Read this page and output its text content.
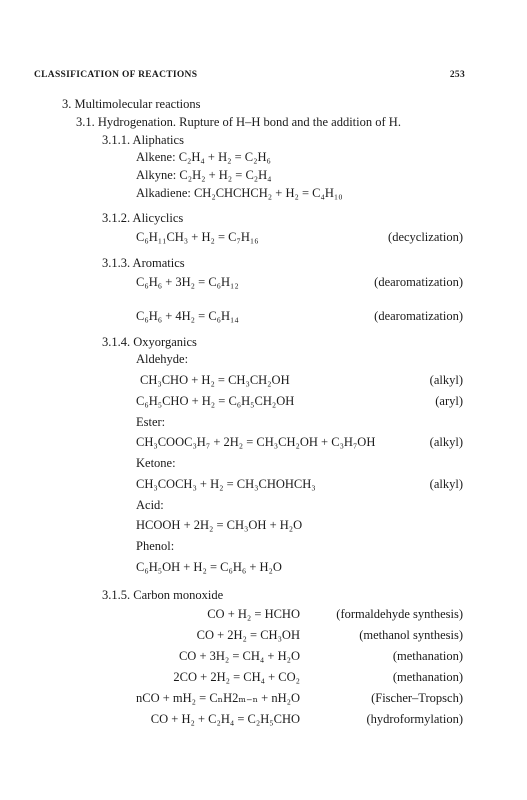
CLASSIFICATION OF REACTIONS	253
3. Multimolecular reactions
3.1. Hydrogenation. Rupture of H–H bond and the addition of H.
3.1.1. Aliphatics
Alkene: C₂H₄ + H₂ = C₂H₆
Alkyne: C₂H₂ + H₂ = C₂H₄
Alkadiene: CH₂CHCHCH₂ + H₂ = C₄H₁₀
3.1.2. Alicyclics
C₆H₁₁CH₃ + H₂ = C₇H₁₆	(decyclization)
3.1.3. Aromatics
C₆H₆ + 3H₂ = C₆H₁₂	(dearomatization)
C₆H₆ + 4H₂ = C₆H₁₄	(dearomatization)
3.1.4. Oxyorganics
Aldehyde:
CH₃CHO + H₂ = CH₃CH₂OH	(alkyl)
C₆H₅CHO + H₂ = C₆H₅CH₂OH	(aryl)
Ester:
CH₃COOC₃H₇ + 2H₂ = CH₃CH₂OH + C₃H₇OH	(alkyl)
Ketone:
CH₃COCH₃ + H₂ = CH₃CHOHCH₃	(alkyl)
Acid:
HCOOH + 2H₂ = CH₃OH + H₂O
Phenol:
C₆H₅OH + H₂ = C₆H₆ + H₂O
3.1.5. Carbon monoxide
CO + H₂ = HCHO	(formaldehyde synthesis)
CO + 2H₂ = CH₃OH	(methanol synthesis)
CO + 3H₂ = CH₄ + H₂O	(methanation)
2CO + 2H₂ = CH₄ + CO₂	(methanation)
nCO + mH₂ = CₙH2ₘ₋ₙ + nH₂O	(Fischer–Tropsch)
CO + H₂ + C₂H₄ = C₂H₅CHO	(hydroformylation)
